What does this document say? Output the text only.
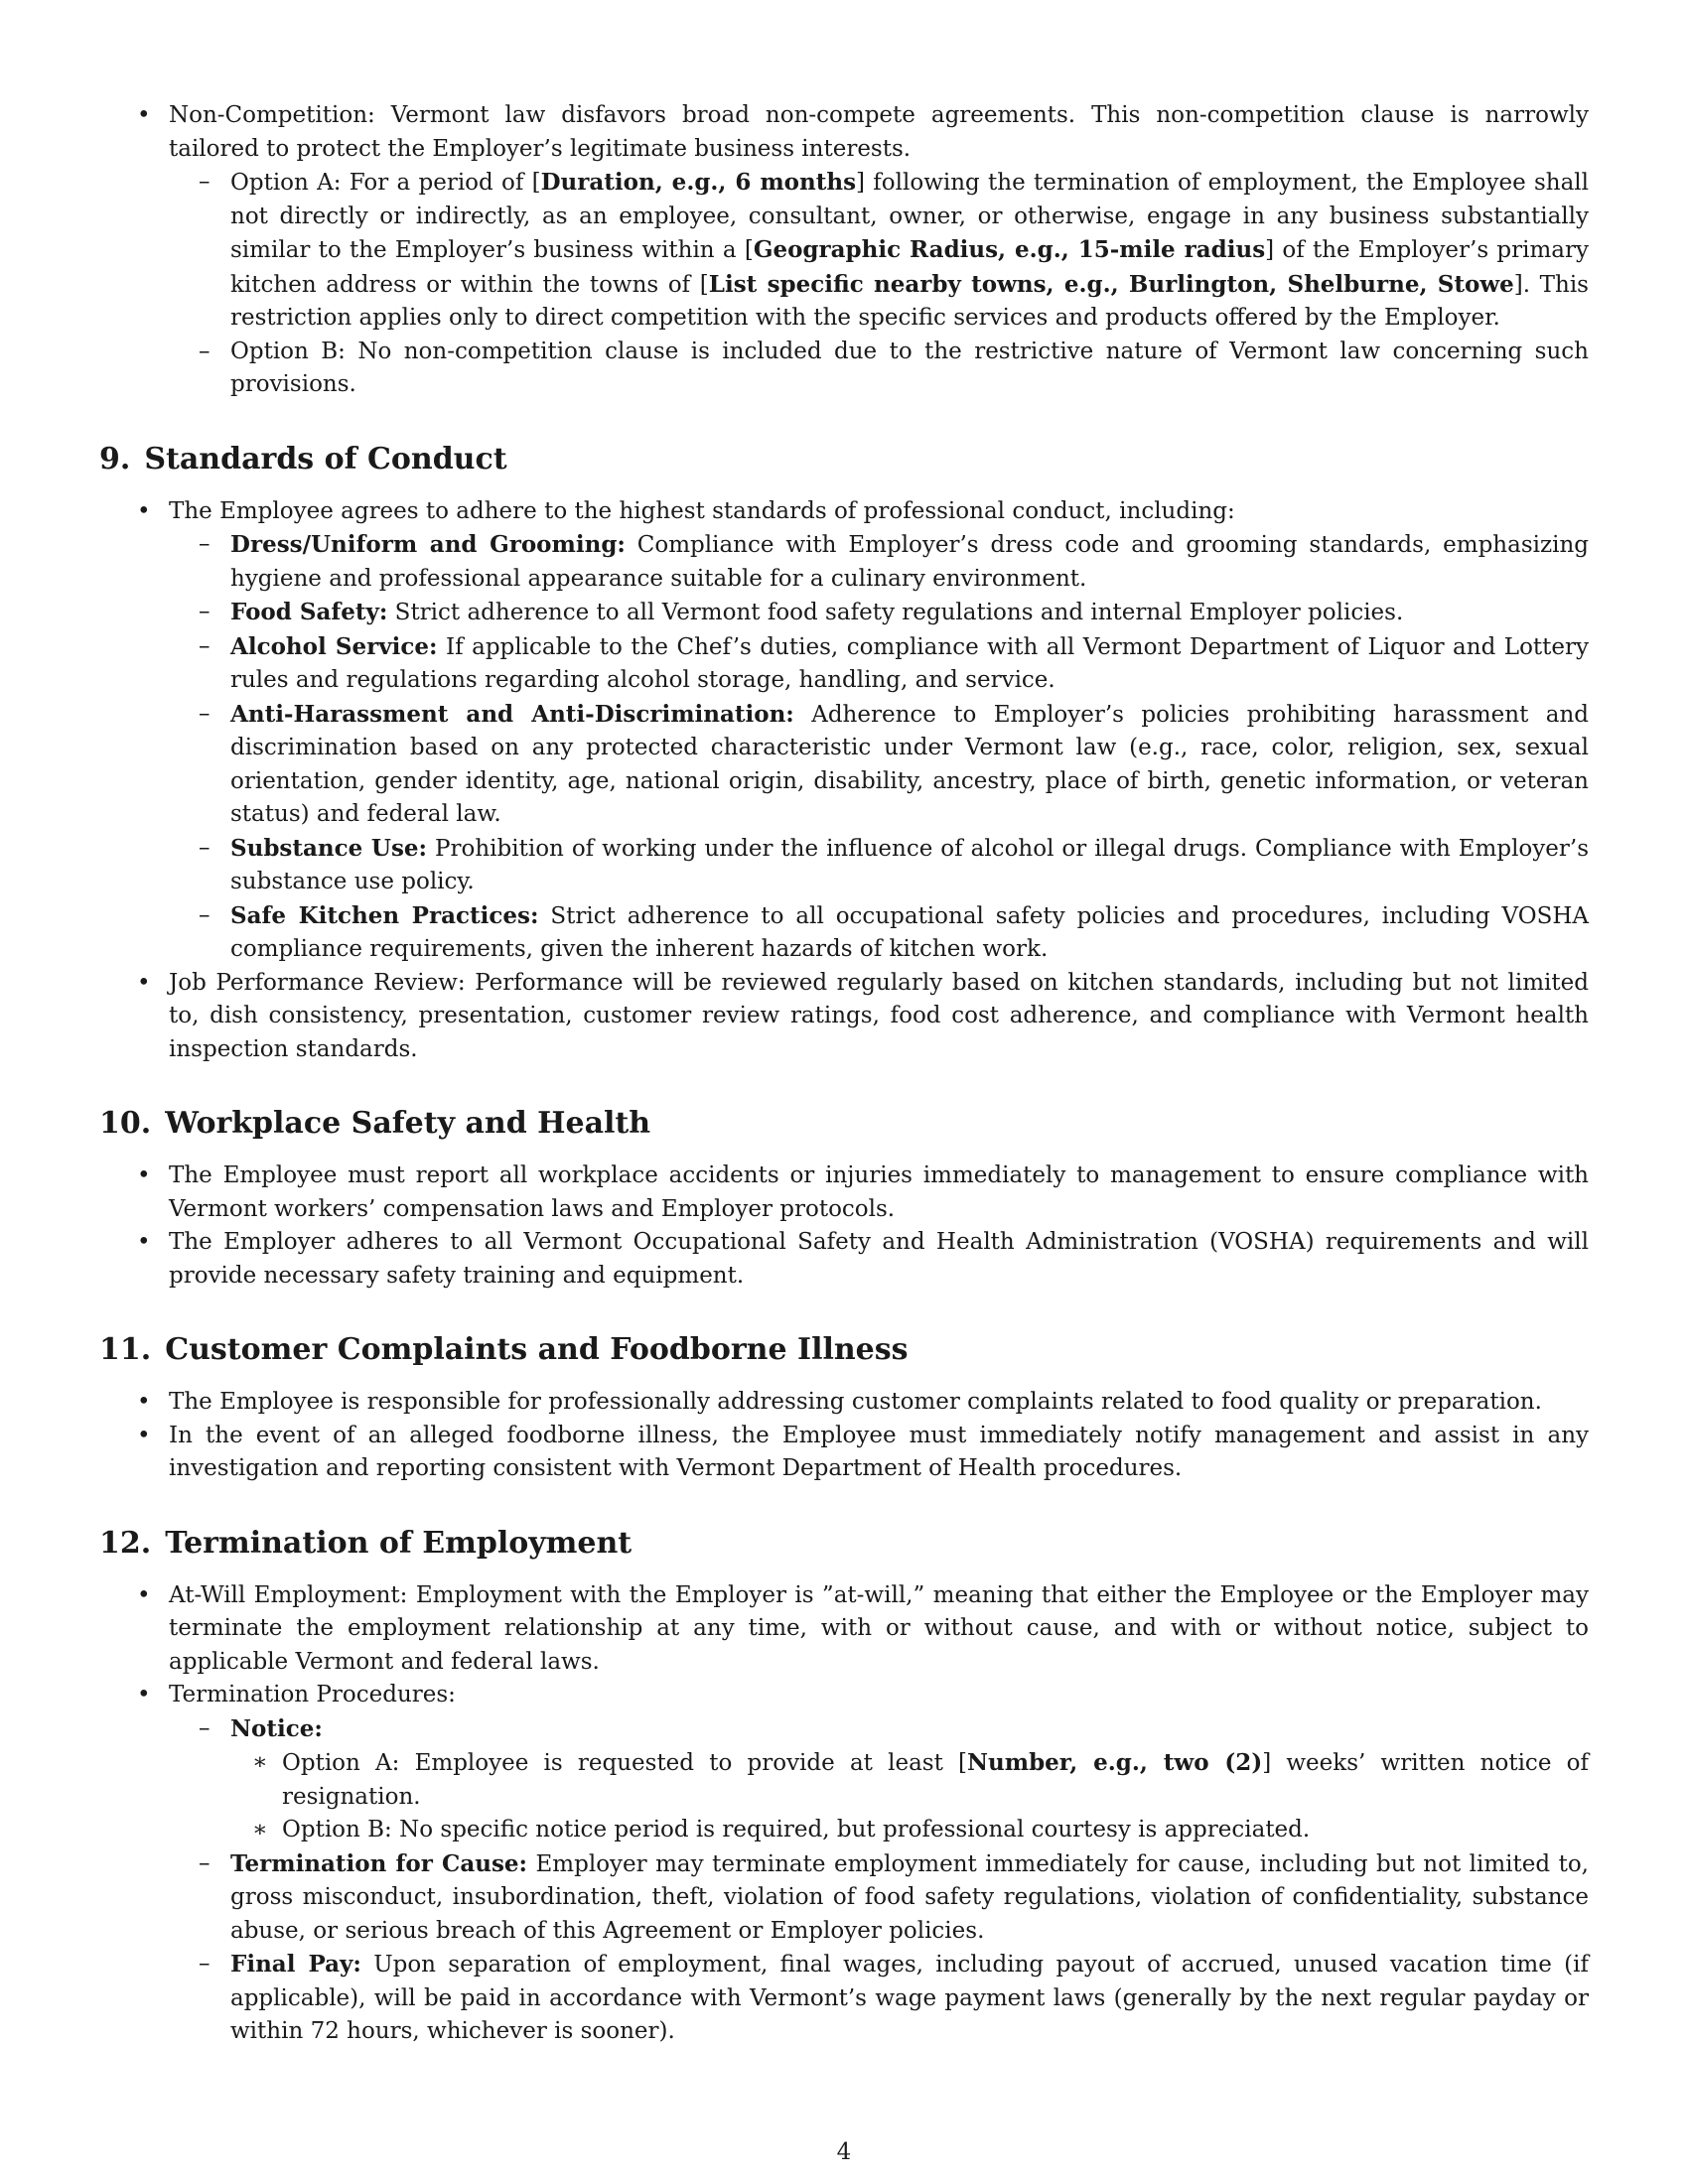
• Non-Competition: Vermont law disfavors broad non-compete agreements. This non-competition clause is narrowly tailored to protect the Employer’s legitimate business interests.
– Option A: For a period of [Duration, e.g., 6 months] following the termination of employment, the Employee shall not directly or indirectly, as an employee, consultant, owner, or otherwise, engage in any business substantially similar to the Employer’s business within a [Geographic Radius, e.g., 15-mile radius] of the Employer’s primary kitchen address or within the towns of [List specific nearby towns, e.g., Burlington, Shelburne, Stowe]. This restriction applies only to direct competition with the specific services and products offered by the Employer.
– Option B: No non-competition clause is included due to the restrictive nature of Vermont law concerning such provisions.
9. Standards of Conduct
• The Employee agrees to adhere to the highest standards of professional conduct, including:
– Dress/Uniform and Grooming: Compliance with Employer’s dress code and grooming standards, emphasizing hygiene and professional appearance suitable for a culinary environment.
– Food Safety: Strict adherence to all Vermont food safety regulations and internal Employer policies.
– Alcohol Service: If applicable to the Chef’s duties, compliance with all Vermont Department of Liquor and Lottery rules and regulations regarding alcohol storage, handling, and service.
– Anti-Harassment and Anti-Discrimination: Adherence to Employer’s policies prohibiting harassment and discrimination based on any protected characteristic under Vermont law (e.g., race, color, religion, sex, sexual orientation, gender identity, age, national origin, disability, ancestry, place of birth, genetic information, or veteran status) and federal law.
– Substance Use: Prohibition of working under the influence of alcohol or illegal drugs. Compliance with Employer’s substance use policy.
– Safe Kitchen Practices: Strict adherence to all occupational safety policies and procedures, including VOSHA compliance requirements, given the inherent hazards of kitchen work.
• Job Performance Review: Performance will be reviewed regularly based on kitchen standards, including but not limited to, dish consistency, presentation, customer review ratings, food cost adherence, and compliance with Vermont health inspection standards.
10. Workplace Safety and Health
• The Employee must report all workplace accidents or injuries immediately to management to ensure compliance with Vermont workers’ compensation laws and Employer protocols.
• The Employer adheres to all Vermont Occupational Safety and Health Administration (VOSHA) requirements and will provide necessary safety training and equipment.
11. Customer Complaints and Foodborne Illness
• The Employee is responsible for professionally addressing customer complaints related to food quality or preparation.
• In the event of an alleged foodborne illness, the Employee must immediately notify management and assist in any investigation and reporting consistent with Vermont Department of Health procedures.
12. Termination of Employment
• At-Will Employment: Employment with the Employer is ”at-will,” meaning that either the Employee or the Employer may terminate the employment relationship at any time, with or without cause, and with or without notice, subject to applicable Vermont and federal laws.
• Termination Procedures:
– Notice:
∗ Option A: Employee is requested to provide at least [Number, e.g., two (2)] weeks’ written notice of resignation.
∗ Option B: No specific notice period is required, but professional courtesy is appreciated.
– Termination for Cause: Employer may terminate employment immediately for cause, including but not limited to, gross misconduct, insubordination, theft, violation of food safety regulations, violation of confidentiality, substance abuse, or serious breach of this Agreement or Employer policies.
– Final Pay: Upon separation of employment, final wages, including payout of accrued, unused vacation time (if applicable), will be paid in accordance with Vermont’s wage payment laws (generally by the next regular payday or within 72 hours, whichever is sooner).
4
